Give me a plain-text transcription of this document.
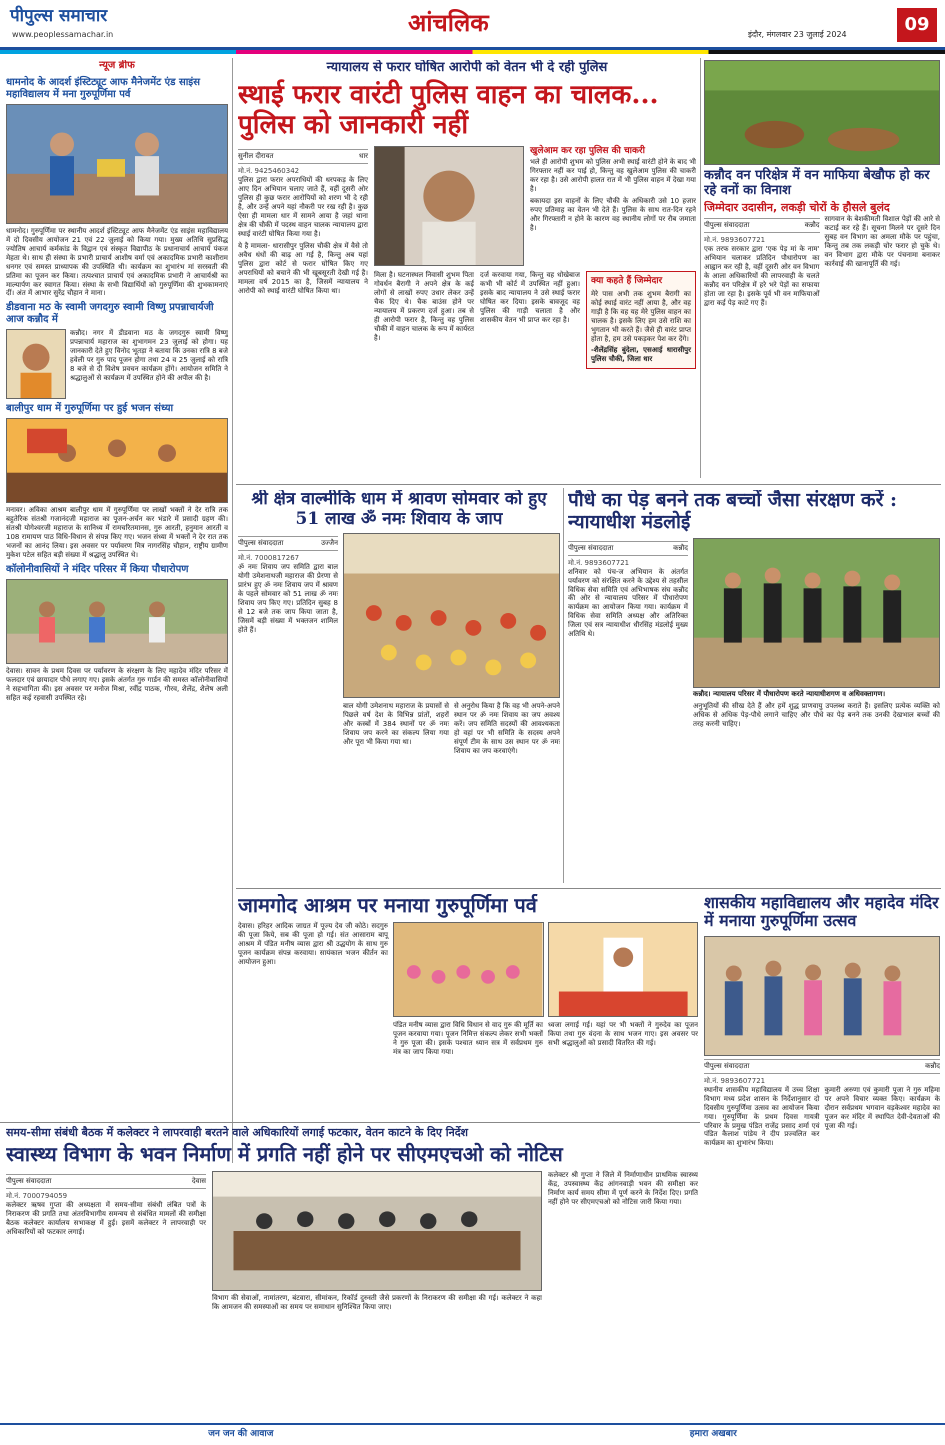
पीपुल्स समाचार
www.peoplessamachar.in	आंचलिक	इंदौर, मंगलवार 23 जुलाई 2024	09
न्यूज ब्रीफ
धामनोद के आदर्श इंस्टिट्यूट आफ मैनेजमेंट एंड साइंस महाविद्यालय में मना गुरुपूर्णिमा पर्व

धामनोद। गुरुपूर्णिमा पर स्थानीय आदर्श इंस्टिट्यूट आफ मैनेजमेंट एंड साइंस महाविद्यालय में दो दिवसीय आयोजन 21 एवं 22 जुलाई को किया गया। मुख्य अतिथि सुप्रसिद्ध ज्योतिष आचार्य कर्मकांड के विद्वान एवं संस्कृत विद्यापीठ के प्रधानाचार्य आचार्य पंकज मेहता थे। साथ ही संस्था के प्रभारी प्राचार्य आशीष वर्मा एवं अकादमिक प्रभारी काशीराम धनगर एवं समस्त प्राध्यापक की उपस्थिति थी। कार्यक्रम का शुभारंभ मां सरस्वती की प्रतिमा का पूजन कर किया। तत्पश्चात प्राचार्य एवं अकादमिक प्रभारी ने आचार्यश्री का माल्यार्पण कर स्वागत किया। संस्था के सभी विद्यार्थियों को गुरुपूर्णिमा की शुभकामनाएं दीं। अंत में आभार सुरेंद्र चौहान ने माना।

डीडवाना मठ के स्वामी जगदगुरु स्वामी विष्णु प्रपन्नाचार्यजी आज कन्नौद में

कन्नौद। नगर में डीडवाना मठ के जगदगुरु स्वामी विष्णु प्रपन्नाचार्य महाराज का शुभागमन 23 जुलाई को होगा। यह जानकारी देते हुए विनोद भूतड़ा ने बताया कि उनका रात्रि 8 बजे हवेली पर गुरु पाद पूजन होगा तथा 24 व 25 जुलाई को रात्रि 8 बजे से दी विशेष प्रवचन कार्यक्रम होंगे। आयोजन समिति ने श्रद्धालुओं से कार्यक्रम में उपस्थित होने की अपील की है।

बालीपुर धाम में गुरुपूर्णिमा पर हुई भजन संध्या

मनावर। अविका आश्रम बालीपुर धाम में गुरुपूर्णिमा पर लाखों भक्तों ने देर रात्रि तक बहुतेरिक संतश्री गजानंदजी महाराज का पूजन-अर्चन कर भंडारे में प्रसादी ग्रहण की। संतश्री योगेश्वरजी महाराज के सानिध्य में रामचरितमानस, गुरु आरती, हनुमान आरती व 108 रामायण पाठ विधि-विधान से संपन्न किए गए। भजन संध्या में भक्तों ने देर रात तक भजनों का आनंद लिया। इस अवसर पर पर्यावरण मित्र नागरसिंह चौहान, राष्ट्रीय ग्रामीण मुकेश पटेल सहित बड़ी संख्या में श्रद्धालु उपस्थित थे।

कॉलोनीवासियों ने मंदिर परिसर में किया पौधारोपण

देवास। सावन के प्रथम दिवस पर पर्यावरण के संरक्षण के लिए महादेव मंदिर परिसर में फलदार एवं छायादार पौधे लगाए गए। इसके अंतर्गत गुरु गार्डन की समस्त कॉलोनीवासियों ने सहभागिता की। इस अवसर पर मनोज मिश्रा, रवींद्र पाठक, गौरव, शैलेंद्र, शैलेष अली सहित कई रहवासी उपस्थित रहे।

न्यायालय से फरार घोषित आरोपी को वेतन भी दे रही पुलिस
स्थाई फरार वारंटी पुलिस वाहन का चालक... पुलिस को जानकारी नहीं
सुनील दीरावत	धार
मो.नं. 9425460342

पुलिस द्वारा फरार अपराधियों की धरपकड़ के लिए आए दिन अभियान चलाए जाते हैं, वहीं दूसरी ओर पुलिस ही कुछ फरार आरोपियों को शरण भी दे रही है, और उन्हें अपने यहां नौकरी पर रख रही है। कुछ ऐसा ही मामला धार में सामने आया है जहां थाना क्षेत्र की चौकी में पदस्थ वाहन चालक न्यायालय द्वारा स्थाई वारंटी घोषित किया गया है।

ये है मामला- धारासीपुर पुलिस चौकी क्षेत्र में वैसे तो अवैध धंधों की बाढ़ आ गई है, किन्तु अब यहां पुलिस द्वारा कोर्ट से फरार घोषित किए गए अपराधियों को बचाने की भी खूबसूरती देखी गई है। मामला वर्ष 2015 का है, जिसमें न्यायालय ने आरोपी को स्थाई वारंटी घोषित किया था।

खुलेआम कर रहा पुलिस की चाकरी

भले ही आरोपी शुभम को पुलिस अभी स्थाई वारंटी होने के बाद भी गिरफ्तार नहीं कर पाई हो, किन्तु वह खुलेआम पुलिस की चाकरी कर रहा है। उसे आरोपी हालत रात में भी पुलिस वाहन में देखा गया है।

बकायदा इस वाहनों के लिए चौकी के अधिकारी उसे 10 हजार रुपए प्रतिमाह का वेतन भी देते हैं। पुलिस के साथ रात-दिन रहने और गिरफ्तारी न होने के कारण वह स्थानीय लोगों पर रौब जमाता है।

मिला है। घटनास्थल निवासी शुभम पिता गोवर्धन बैरागी ने अपने क्षेत्र के कई लोगों से लाखों रुपए उधार लेकर उन्हें चैक दिए थे। चैक बाउंस होने पर न्यायालय में प्रकरण दर्ज हुआ। तब से ही आरोपी फरार है, किन्तु वह पुलिस चौकी में वाहन चालक के रूप में कार्यरत है।

दर्ज करवाया गया, किन्तु वह धोखेबाज कभी भी कोर्ट में उपस्थित नहीं हुआ। इसके बाद न्यायालय ने उसे स्थाई फरार घोषित कर दिया। इसके बावजूद वह पुलिस की गाड़ी चलाता है और शासकीय वेतन भी प्राप्त कर रहा है।

क्या कहते हैं जिम्मेदार

मेरे पास अभी तक शुभम बैरागी का कोई स्थाई वारंट नहीं आया है, और वह गाड़ी है कि वह यह मेरे पुलिस वाहन का चालक है। इसके लिए हम उसे राशि का भुगतान भी करते हैं। जैसे ही वारंट प्राप्त होता है, हम उसे पकड़कर पेश कर देंगे।

-शैलेंद्रसिंह बुंदेला, एसआई धारासीपुर पुलिस चौकी, जिला धार

कन्नौद वन परिक्षेत्र में वन माफिया बेखौफ हो कर रहे वनों का विनाश
जिम्मेदार उदासीन, लकड़ी चोरों के हौसले बुलंद
पीपुल्स संवाददाता	कन्नौद
मो.नं. 9893607721

एक तरफ सरकार द्वारा 'एक पेड़ मां के नाम' अभियान चलाकर प्रतिदिन पौधारोपण का आह्वान कर रही है, वहीं दूसरी ओर वन विभाग के आला अधिकारियों की लापरवाही के चलते कन्नौद वन परिक्षेत्र में हरे भरे पेड़ों का सफाया होता जा रहा है। इसके पूर्व भी वन माफियाओं द्वारा कई पेड़ काटे गए हैं।

सागवान के बेशकीमती विशाल पेड़ों की आरे से कटाई कर रहे हैं। सूचना मिलने पर दूसरे दिन सुबह वन विभाग का अमला मौके पर पहुंचा, किन्तु तब तक लकड़ी चोर फरार हो चुके थे। वन विभाग द्वारा मौके पर पंचनामा बनाकर कार्रवाई की खानापूर्ति की गई।

श्री क्षेत्र वाल्मीकि धाम में श्रावण सोमवार को हुए 51 लाख ॐ नमः शिवाय के जाप
पीपुल्स संवाददाता	उज्जैन
मो.नं. 7000817267

ॐ नमः शिवाय जप समिति द्वारा बाल योगी उमेशनाथजी महाराज की प्रेरणा से प्रारंभ हुए ॐ नमः शिवाय जप में श्रावण के पहले सोमवार को 51 लाख ॐ नमः शिवाय जप किए गए। प्रतिदिन सुबह 8 से 12 बजे तक जाप किया जाता है, जिसमें बड़ी संख्या में भक्तजन शामिल होते हैं।

बाल योगी उमेशनाथ महाराज के प्रयासों से पिछले वर्ष देश के विभिन्न प्रांतों, शहरों और कस्बों में 384 स्थानों पर ॐ नमः शिवाय जप करने का संकल्प लिया गया और पूरा भी किया गया था।

से अनुरोध किया है कि वह भी अपने-अपने स्थान पर ॐ नमः शिवाय का जप अवश्य करें। जप समिति सदस्यों की आवश्यकता हो वहां पर भी समिति के सदस्य अपने संपूर्ण टीम के साथ उस स्थान पर ॐ नमः शिवाय का जप करवाएंगे।

पौधे का पेड़ बनने तक बच्चों जैसा संरक्षण करें : न्यायाधीश मंडलोई
पीपुल्स संवाददाता	कन्नौद
मो.नं. 9893607721

शनिवार को पंच-ज अभियान के अंतर्गत पर्यावरण को संरक्षित करने के उद्देश्य से तहसील विधिक सेवा समिति एवं अभिभाषक संघ कन्नौद की ओर से न्यायालय परिसर में पौधारोपण कार्यक्रम का आयोजन किया गया। कार्यक्रम में विधिक सेवा समिति अध्यक्ष और अतिरिक्त जिला एवं सत्र न्यायाधीश धीरसिंह मंडलोई मुख्य अतिथि थे।

कन्नौद। न्यायालय परिसर में पौधारोपण करते न्यायाधीशगण व अधिवक्तागण।

अनुभूतियों की सीख देते हैं और हमें शुद्ध प्राणवायु उपलब्ध कराते हैं। इसलिए प्रत्येक व्यक्ति को अधिक से अधिक पेड़-पौधे लगाने चाहिए और पौधे का पेड़ बनने तक उनकी देखभाल बच्चों की तरह करनी चाहिए।

जामगोद आश्रम पर मनाया गुरुपूर्णिमा पर्व

देवास। हरिहर आदिक जाग्रत में पूज्य देव जी कोठे। सदगुरु की पूजा किये, सब की पूजा हो गई। संत आसाराम बापू आश्रम में पंडित मनीष व्यास द्वारा श्री उद्धयोग के साथ गुरु पूजन कार्यक्रम संपन्न करवाया। सायंकाल भजन कीर्तन का आयोजन हुआ।

पंडित मनीष व्यास द्वारा विधि विधान से वाद गुरु की मूर्ति का पूजन करवाया गया। पूजन निमित्त संकल्प लेकर सभी भक्तों ने गुरु पूजा की। इसके पश्चात ध्यान सत्र में सर्वप्रथम गुरु मंत्र का जाप किया गया।

ध्वजा लगाई गई। यहां पर भी भक्तों ने गुरुदेव का पूजन किया तथा गुरु वंदना के साथ भजन गाए। इस अवसर पर सभी श्रद्धालुओं को प्रसादी वितरित की गई।

शासकीय महाविद्यालय और महादेव मंदिर में मनाया गुरुपूर्णिमा उत्सव
पीपुल्स संवाददाता	कन्नौद
मो.नं. 9893607721

स्थानीय शासकीय महाविद्यालय में उच्च शिक्षा विभाग मध्य प्रदेश शासन के निर्देशानुसार दो दिवसीय गुरुपूर्णिमा उत्सव का आयोजन किया गया। गुरुपूर्णिमा के प्रथम दिवस गायत्री परिवार के प्रमुख पंडित राजेंद्र प्रसाद शर्मा एवं पंडित कैलाश पांडेय ने दीप प्रज्वलित कर कार्यक्रम का शुभारंभ किया।

कुमारी अरुणा एवं कुमारी पूजा ने गुरु महिमा पर अपने विचार व्यक्त किए। कार्यक्रम के दौरान सर्वप्रथम भगवान वड़केश्वर महादेव का पूजन कर मंदिर में स्थापित देवी-देवताओं की पूजा की गई।

समय-सीमा संबंधी बैठक में कलेक्टर ने लापरवाही बरतने वाले अधिकारियों लगाई फटकार, वेतन काटने के दिए निर्देश
स्वास्थ्य विभाग के भवन निर्माण में प्रगति नहीं होने पर सीएमएचओ को नोटिस
पीपुल्स संवाददाता	देवास
मो.नं. 7000794059

कलेक्टर ऋषव गुप्ता की अध्यक्षता में समय-सीमा संबंधी लंबित पत्रों के निराकरण की प्रगति तथा अंतरविभागीय समन्वय से संबंधित मामलों की समीक्षा बैठक कलेक्टर कार्यालय सभाकक्ष में हुई। इसमें कलेक्टर ने लापरवाही पर अधिकारियों को फटकार लगाई।

विभाग की सेवाओं, नामांतरण, बंटवारा, सीमांकन, रिकॉर्ड दुरुस्ती जैसे प्रकरणों के निराकरण की समीक्षा की गई। कलेक्टर ने कहा कि आमजन की समस्याओं का समय पर समाधान सुनिश्चित किया जाए।

कलेक्टर श्री गुप्ता ने जिले में निर्माणाधीन प्राथमिक स्वास्थ्य केंद्र, उपस्वास्थ्य केंद्र आंगनवाड़ी भवन की समीक्षा कर निर्माण कार्य समय सीमा में पूर्ण करने के निर्देश दिए। प्रगति नहीं होने पर सीएमएचओ को नोटिस जारी किया गया।

जन जन की आवाज	हमारा अखबार
